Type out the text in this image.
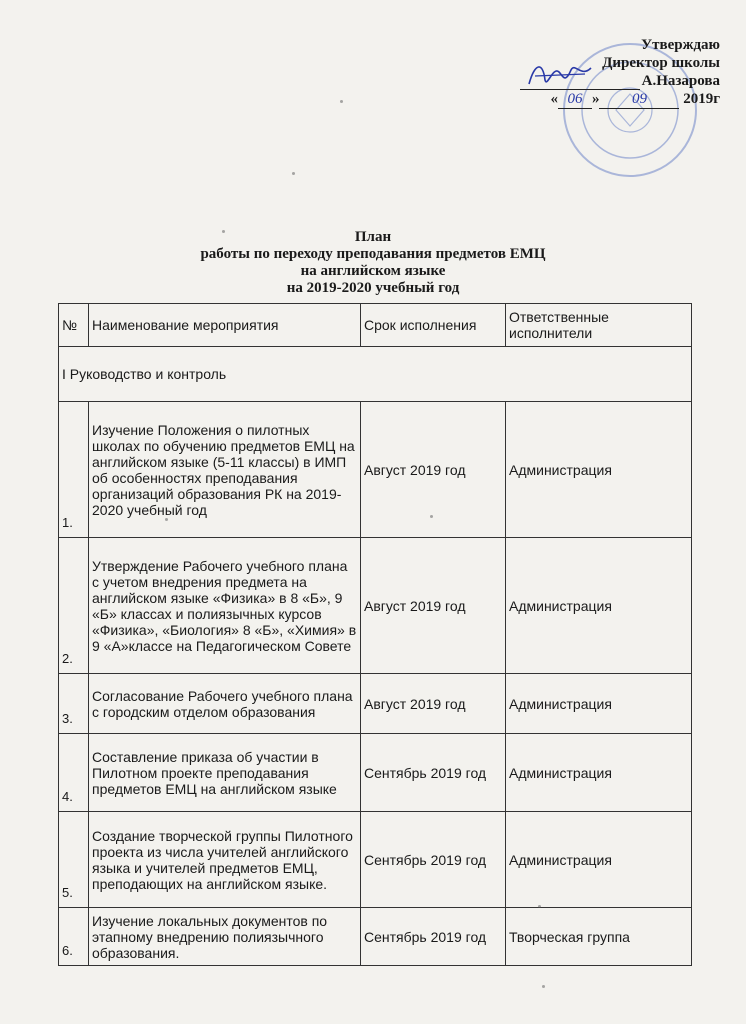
Утверждаю
Директор школы
А.Назарова
« 06 » 09 2019г
План
работы по переходу преподавания предметов ЕМЦ
на английском языке
на 2019-2020 учебный год
№	Наименование мероприятия	Срок исполнения	Ответственные исполнители
I Руководство и контроль			
1.	Изучение Положения о пилотных школах по обучению предметов ЕМЦ на английском языке (5-11 классы) в ИМП об особенностях преподавания организаций образования РК на 2019-2020 учебный год	Август 2019 год	Администрация
2.	Утверждение Рабочего учебного плана с учетом внедрения предмета на английском языке «Физика» в 8 «Б», 9 «Б» классах и полиязычных курсов «Физика», «Биология» 8 «Б», «Химия» в 9 «А»классе на Педагогическом Совете	Август 2019 год	Администрация
3.	Согласование Рабочего учебного плана с городским отделом образования	Август 2019 год	Администрация
4.	Составление приказа об участии в Пилотном проекте преподавания предметов ЕМЦ на английском языке	Сентябрь 2019 год	Администрация
5.	Создание творческой группы Пилотного проекта из числа учителей английского языка и учителей предметов ЕМЦ, преподающих на английском языке.	Сентябрь 2019 год	Администрация
6.	Изучение локальных документов по этапному внедрению полиязычного образования.	Сентябрь 2019 год	Творческая группа
